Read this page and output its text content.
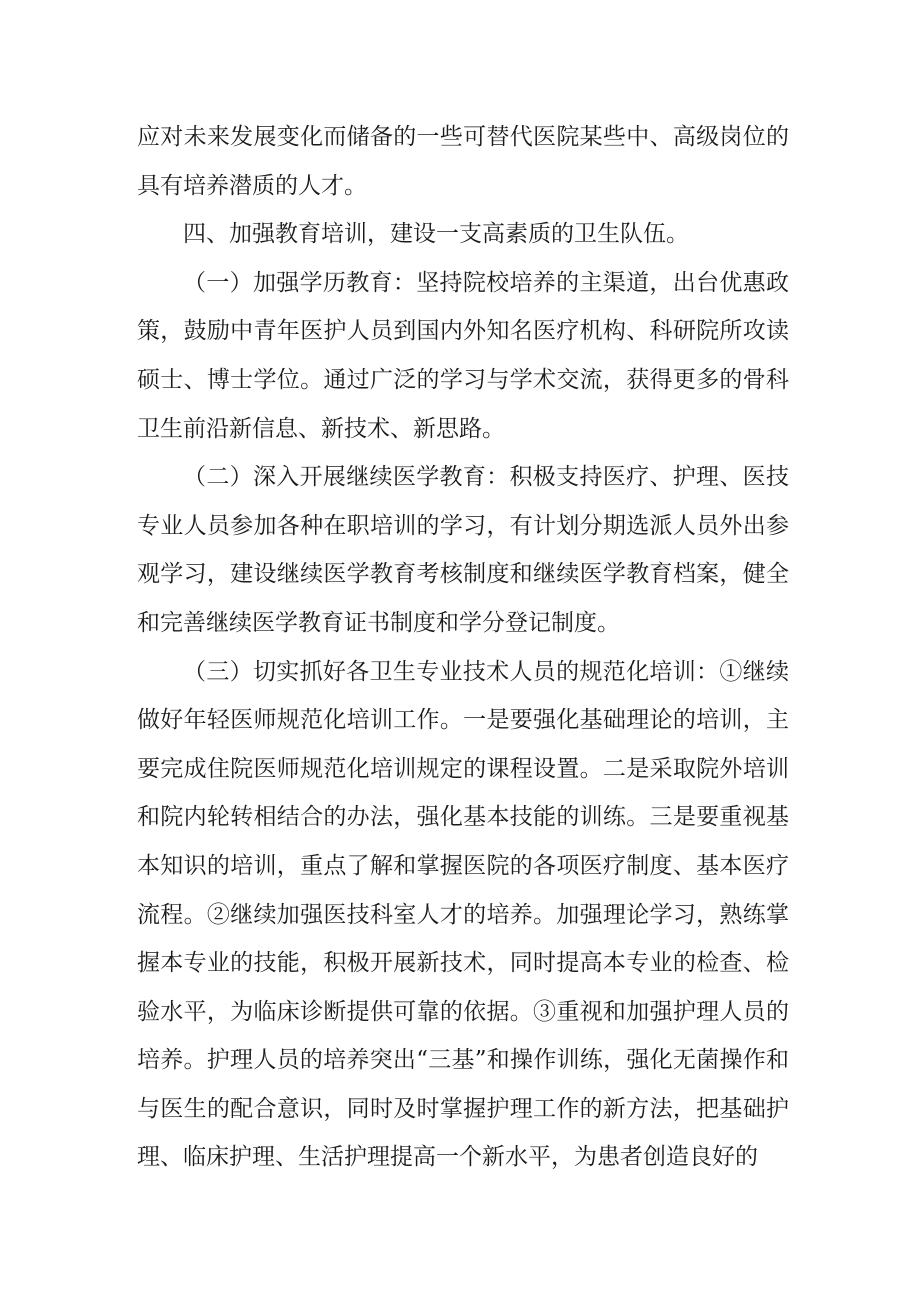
应对未来发展变化而储备的一些可替代医院某些中、高级岗位的具有培养潜质的人才。

四、加强教育培训，建设一支高素质的卫生队伍。

（一）加强学历教育：坚持院校培养的主渠道，出台优惠政策，鼓励中青年医护人员到国内外知名医疗机构、科研院所攻读硕士、博士学位。通过广泛的学习与学术交流，获得更多的骨科卫生前沿新信息、新技术、新思路。

（二）深入开展继续医学教育：积极支持医疗、护理、医技专业人员参加各种在职培训的学习，有计划分期选派人员外出参观学习，建设继续医学教育考核制度和继续医学教育档案，健全和完善继续医学教育证书制度和学分登记制度。

（三）切实抓好各卫生专业技术人员的规范化培训：①继续做好年轻医师规范化培训工作。一是要强化基础理论的培训，主要完成住院医师规范化培训规定的课程设置。二是采取院外培训和院内轮转相结合的办法，强化基本技能的训练。三是要重视基本知识的培训，重点了解和掌握医院的各项医疗制度、基本医疗流程。②继续加强医技科室人才的培养。加强理论学习，熟练掌握本专业的技能，积极开展新技术，同时提高本专业的检查、检验水平，为临床诊断提供可靠的依据。③重视和加强护理人员的培养。护理人员的培养突出“三基”和操作训练，强化无菌操作和与医生的配合意识，同时及时掌握护理工作的新方法，把基础护理、临床护理、生活护理提高一个新水平，为患者创造良好的
